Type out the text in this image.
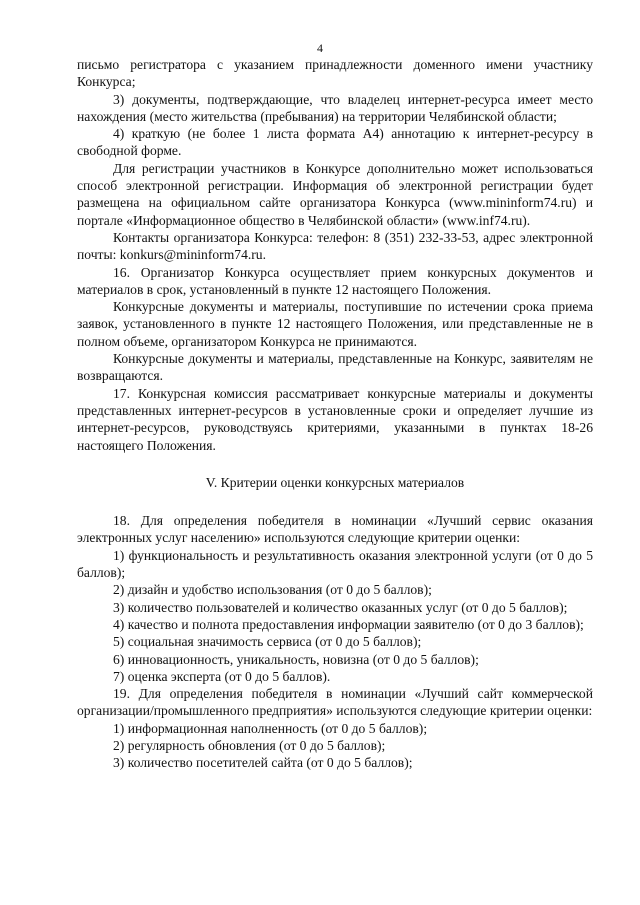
4

письмо регистратора с указанием принадлежности доменного имени участнику Конкурса;

3) документы, подтверждающие, что владелец интернет-ресурса имеет место нахождения (место жительства (пребывания) на территории Челябинской области;

4) краткую (не более 1 листа формата А4) аннотацию к интернет-ресурсу в свободной форме.

Для регистрации участников в Конкурсе дополнительно может использоваться способ электронной регистрации. Информация об электронной регистрации будет размещена на официальном сайте организатора Конкурса (www.mininform74.ru) и портале «Информационное общество в Челябинской области» (www.inf74.ru).

Контакты организатора Конкурса: телефон: 8 (351) 232-33-53, адрес электронной почты: konkurs@mininform74.ru.

16. Организатор Конкурса осуществляет прием конкурсных документов и материалов в срок, установленный в пункте 12 настоящего Положения.

Конкурсные документы и материалы, поступившие по истечении срока приема заявок, установленного в пункте 12 настоящего Положения, или представленные не в полном объеме, организатором Конкурса не принимаются.

Конкурсные документы и материалы, представленные на Конкурс, заявителям не возвращаются.

17. Конкурсная комиссия рассматривает конкурсные материалы и документы представленных интернет-ресурсов в установленные сроки и определяет лучшие из интернет-ресурсов, руководствуясь критериями, указанными в пунктах 18-26 настоящего Положения.

V. Критерии оценки конкурсных материалов

18. Для определения победителя в номинации «Лучший сервис оказания электронных услуг населению» используются следующие критерии оценки:

1) функциональность и результативность оказания электронной услуги (от 0 до 5 баллов);

2) дизайн и удобство использования (от 0 до 5 баллов);

3) количество пользователей и количество оказанных услуг (от 0 до 5 баллов);

4) качество и полнота предоставления информации заявителю (от 0 до 3 баллов);

5) социальная значимость сервиса (от 0 до 5 баллов);

6) инновационность, уникальность, новизна (от 0 до 5 баллов);

7) оценка эксперта (от 0 до 5 баллов).

19. Для определения победителя в номинации «Лучший сайт коммерческой организации/промышленного предприятия» используются следующие критерии оценки:

1) информационная наполненность (от 0 до 5 баллов);

2) регулярность обновления (от 0 до 5 баллов);

3) количество посетителей сайта (от 0 до 5 баллов);
